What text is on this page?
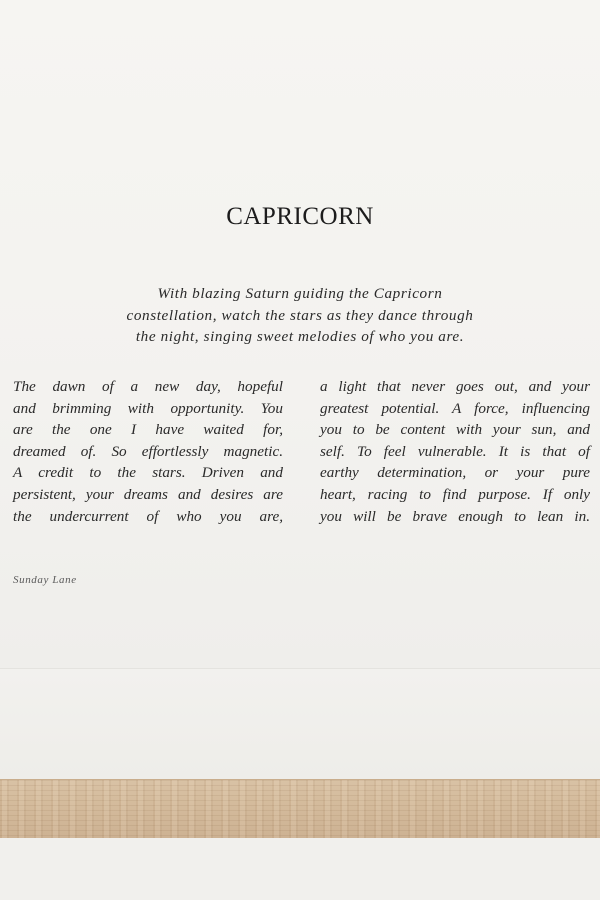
CAPRICORN
With blazing Saturn guiding the Capricorn
constellation, watch the stars as they dance through
the night, singing sweet melodies of who you are.
The dawn of a new day, hopeful
and brimming with opportunity. You
are the one I have waited for,
dreamed of. So effortlessly magnetic.
A credit to the stars. Driven and
persistent, your dreams and desires are
the undercurrent of who you are,
a light that never goes out, and your
greatest potential. A force, influencing
you to be content with your sun, and
self. To feel vulnerable. It is that of
earthy determination, or your pure
heart, racing to find purpose. If only
you will be brave enough to lean in.
Sunday Lane
